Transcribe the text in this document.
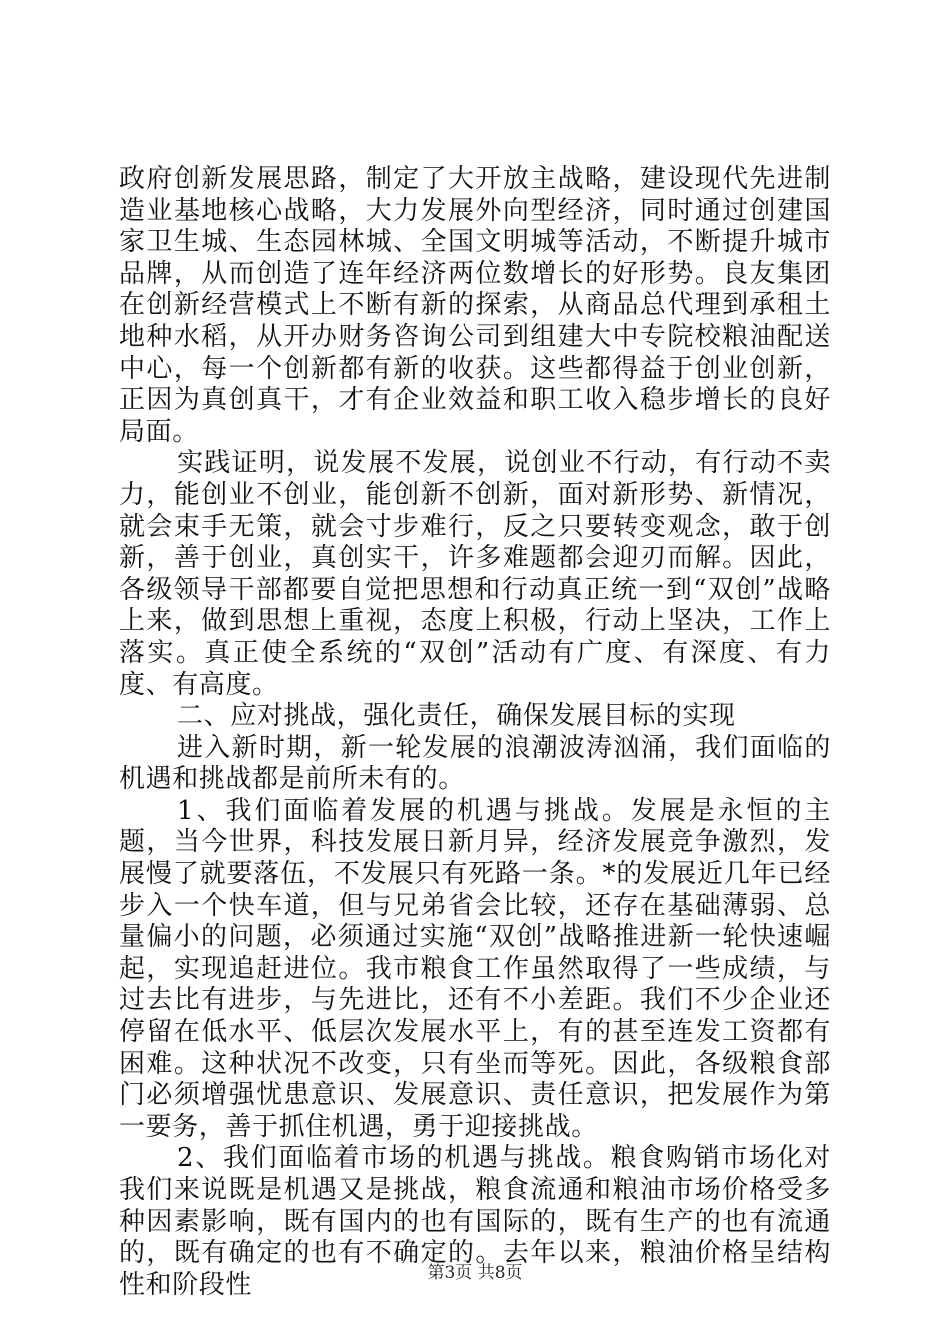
政府创新发展思路，制定了大开放主战略，建设现代先进制造业基地核心战略，大力发展外向型经济，同时通过创建国家卫生城、生态园林城、全国文明城等活动，不断提升城市品牌，从而创造了连年经济两位数增长的好形势。良友集团在创新经营模式上不断有新的探索，从商品总代理到承租土地种水稻，从开办财务咨询公司到组建大中专院校粮油配送中心，每一个创新都有新的收获。这些都得益于创业创新，正因为真创真干，才有企业效益和职工收入稳步增长的良好局面。

实践证明，说发展不发展，说创业不行动，有行动不卖力，能创业不创业，能创新不创新，面对新形势、新情况，就会束手无策，就会寸步难行，反之只要转变观念，敢于创新，善于创业，真创实干，许多难题都会迎刃而解。因此，各级领导干部都要自觉把思想和行动真正统一到“双创”战略上来，做到思想上重视，态度上积极，行动上坚决，工作上落实。真正使全系统的“双创”活动有广度、有深度、有力度、有高度。

二、应对挑战，强化责任，确保发展目标的实现

进入新时期，新一轮发展的浪潮波涛汹涌，我们面临的机遇和挑战都是前所未有的。

1、我们面临着发展的机遇与挑战。发展是永恒的主题，当今世界，科技发展日新月异，经济发展竞争激烈，发展慢了就要落伍，不发展只有死路一条。*的发展近几年已经步入一个快车道，但与兄弟省会比较，还存在基础薄弱、总量偏小的问题，必须通过实施“双创”战略推进新一轮快速崛起，实现追赶进位。我市粮食工作虽然取得了一些成绩，与过去比有进步，与先进比，还有不小差距。我们不少企业还停留在低水平、低层次发展水平上，有的甚至连发工资都有困难。这种状况不改变，只有坐而等死。因此，各级粮食部门必须增强忧患意识、发展意识、责任意识，把发展作为第一要务，善于抓住机遇，勇于迎接挑战。

2、我们面临着市场的机遇与挑战。粮食购销市场化对我们来说既是机遇又是挑战，粮食流通和粮油市场价格受多种因素影响，既有国内的也有国际的，既有生产的也有流通的，既有确定的也有不确定的。去年以来，粮油价格呈结构性和阶段性	第3页 共8页
